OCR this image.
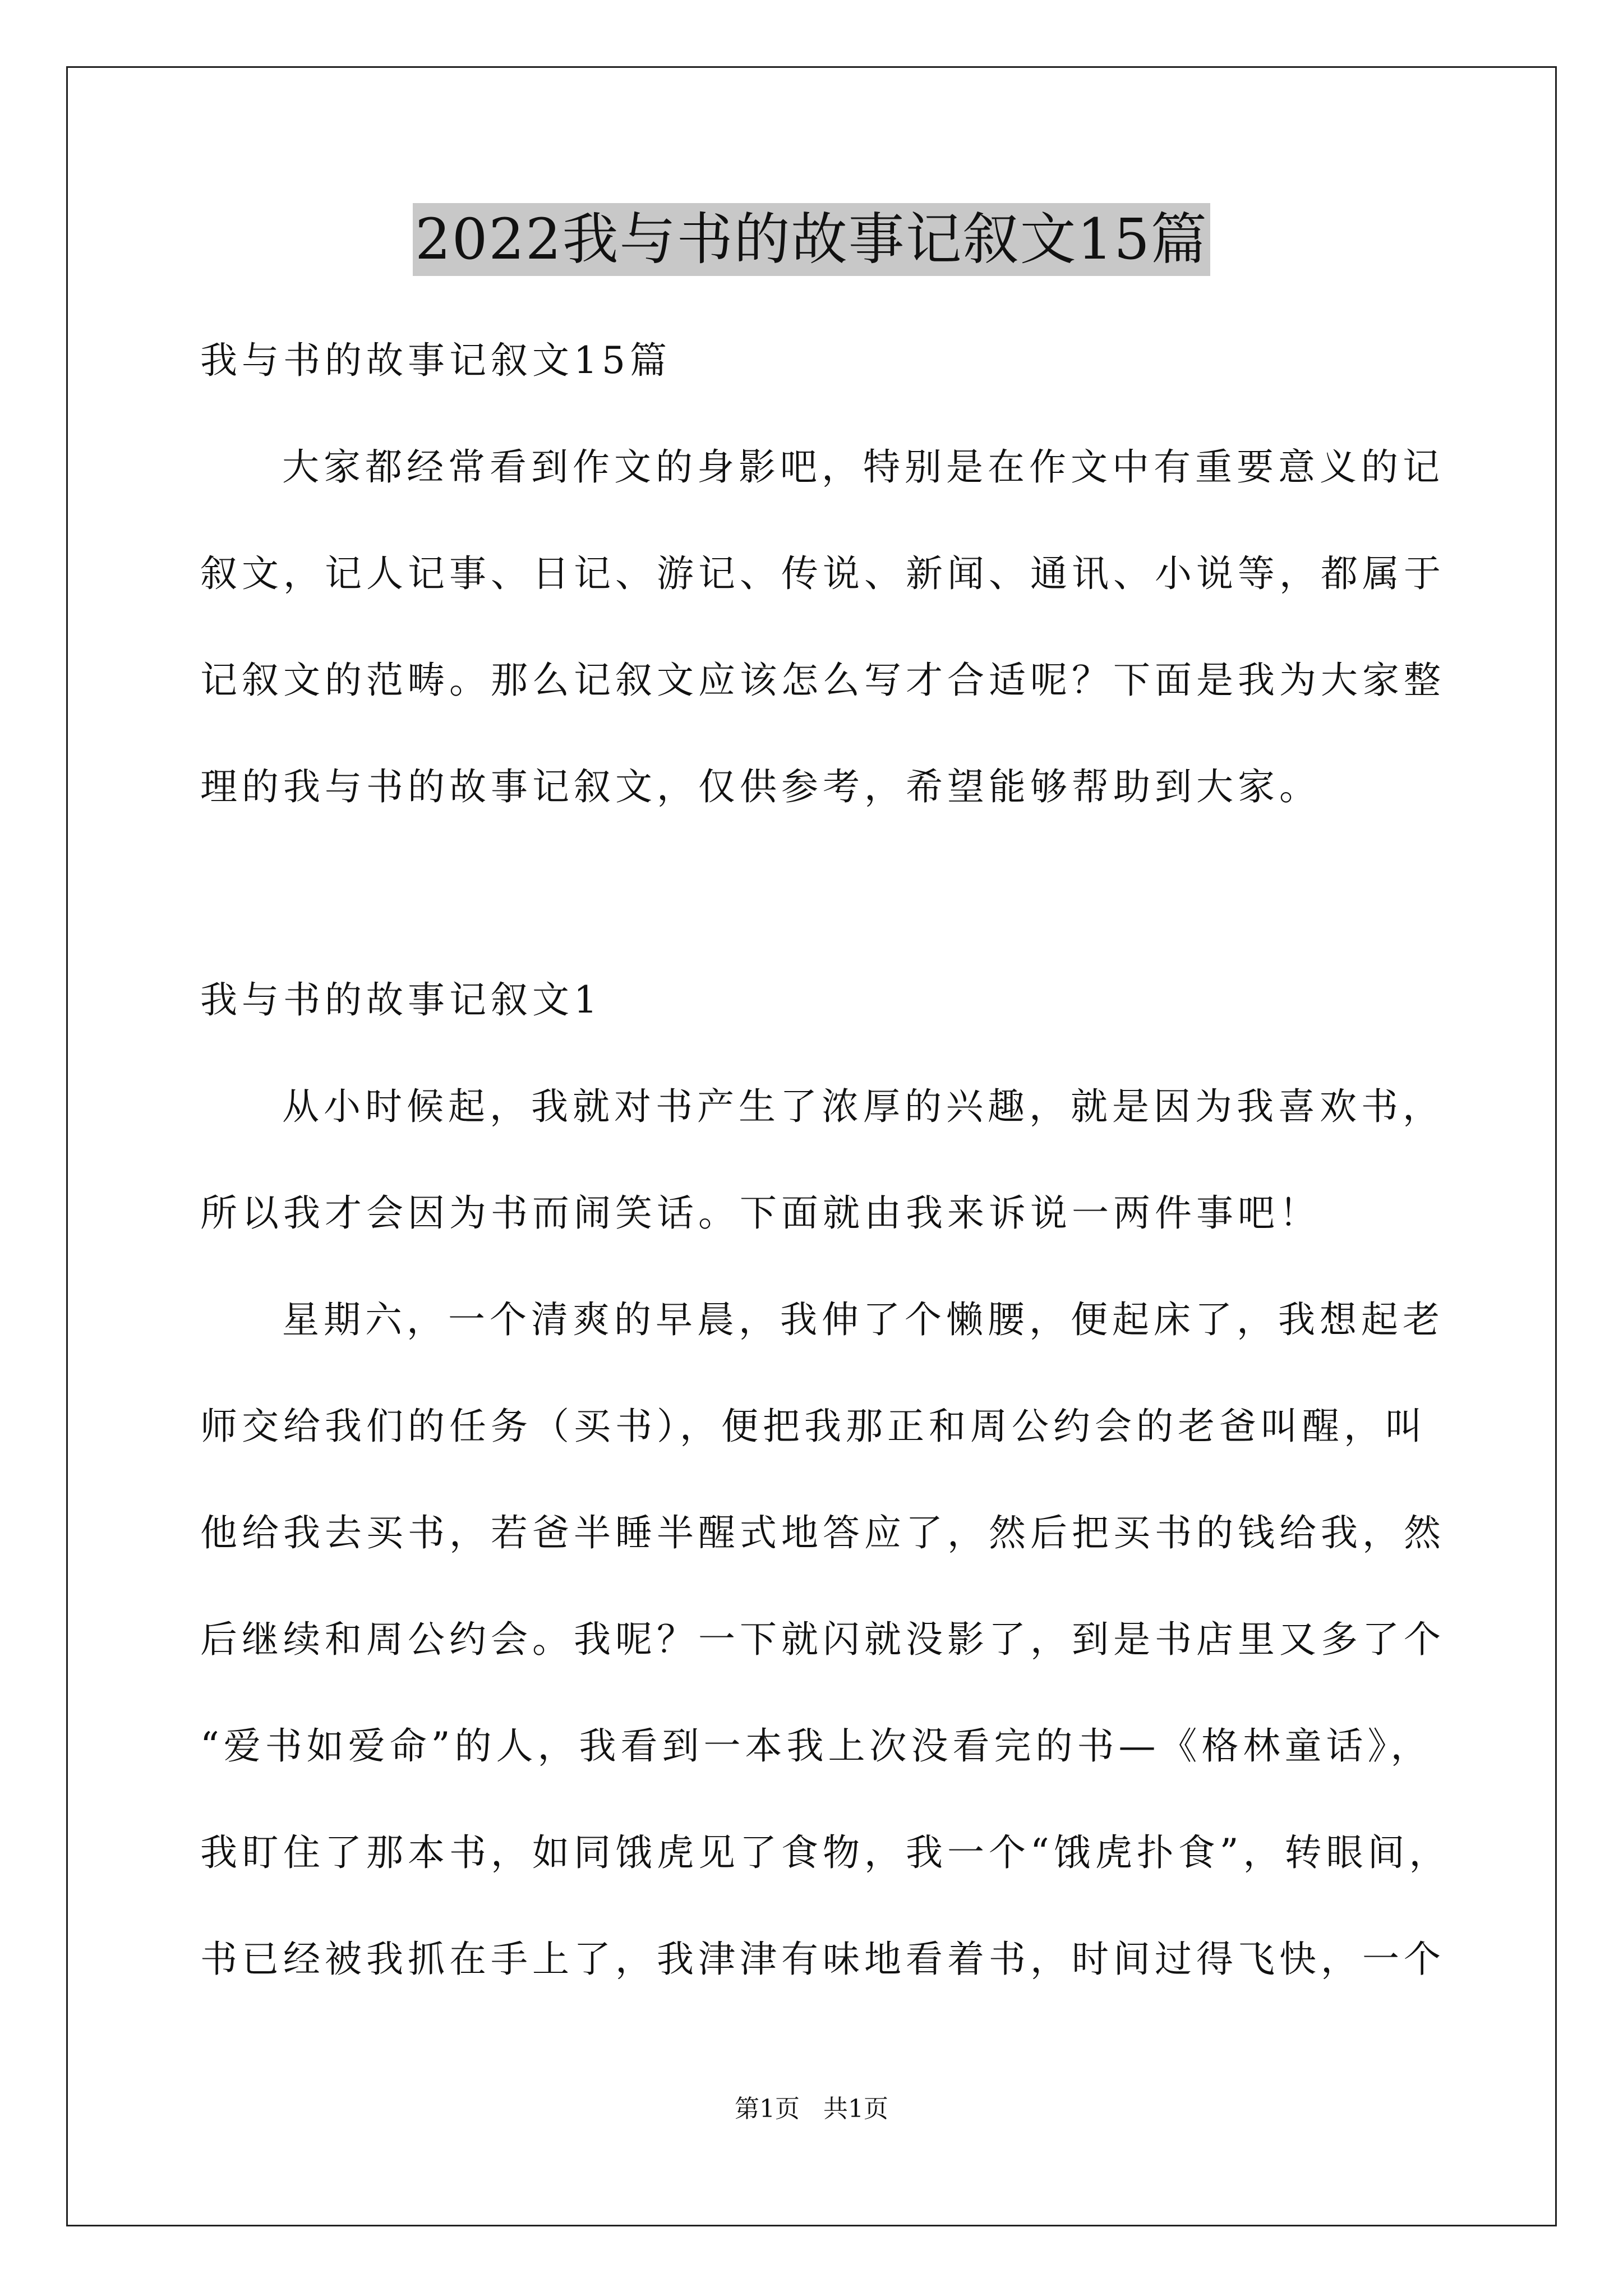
2022我与书的故事记叙文15篇
我与书的故事记叙文15篇
大家都经常看到作文的身影吧，特别是在作文中有重要意义的记
叙文，记人记事、日记、游记、传说、新闻、通讯、小说等，都属于
记叙文的范畴。那么记叙文应该怎么写才合适呢？下面是我为大家整
理的我与书的故事记叙文，仅供参考，希望能够帮助到大家。
我与书的故事记叙文1
从小时候起，我就对书产生了浓厚的兴趣，就是因为我喜欢书，
所以我才会因为书而闹笑话。下面就由我来诉说一两件事吧！
星期六，一个清爽的早晨，我伸了个懒腰，便起床了，我想起老
师交给我们的任务（买书），便把我那正和周公约会的老爸叫醒，叫
他给我去买书，若爸半睡半醒式地答应了，然后把买书的钱给我，然
后继续和周公约会。我呢？一下就闪就没影了，到是书店里又多了个
“爱书如爱命”的人，我看到一本我上次没看完的书—《格林童话》，
我盯住了那本书，如同饿虎见了食物，我一个“饿虎扑食”，转眼间，
书已经被我抓在手上了，我津津有味地看着书，时间过得飞快，一个
第1页   共1页
